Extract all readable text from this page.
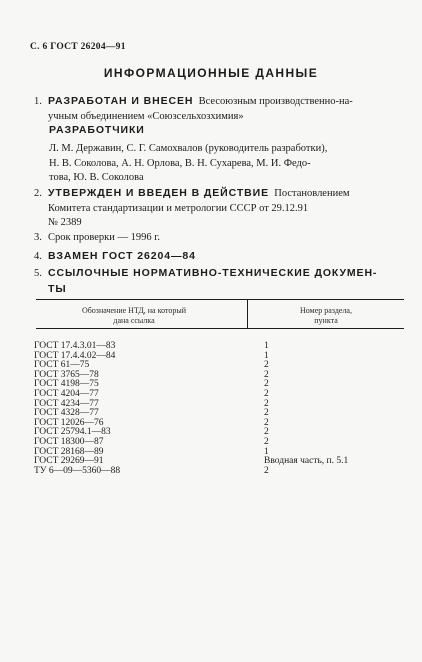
С. 6 ГОСТ 26204—91
ИНФОРМАЦИОННЫЕ ДАННЫЕ
1. РАЗРАБОТАН И ВНЕСЕН Всесоюзным производственно-на-
учным объединением «Союзсельхозхимия»
РАЗРАБОТЧИКИ
Л. М. Державин, С. Г. Самохвалов (руководитель разработки),
Н. В. Соколова, А. Н. Орлова, В. Н. Сухарева, М. И. Федо-
това, Ю. В. Соколова
2. УТВЕРЖДЕН И ВВЕДЕН В ДЕЙСТВИЕ Постановлением
Комитета стандартизации и метрологии СССР от 29.12.91
№ 2389
3. Срок проверки — 1996 г.
4. ВЗАМЕН ГОСТ 26204—84
5. ССЫЛОЧНЫЕ НОРМАТИВНО-ТЕХНИЧЕСКИЕ ДОКУМЕН-
ТЫ
Обозначение НТД, на который
дана ссылка
Номер раздела,
пункта
ГОСТ 17.4.3.01—83	1
ГОСТ 17.4.4.02—84	1
ГОСТ 61—75	2
ГОСТ 3765—78	2
ГОСТ 4198—75	2
ГОСТ 4204—77	2
ГОСТ 4234—77	2
ГОСТ 4328—77	2
ГОСТ 12026—76	2
ГОСТ 25794.1—83	2
ГОСТ 18300—87	2
ГОСТ 28168—89	1
ГОСТ 29269—91	Вводная часть, п. 5.1
ТУ 6—09—5360—88	2
